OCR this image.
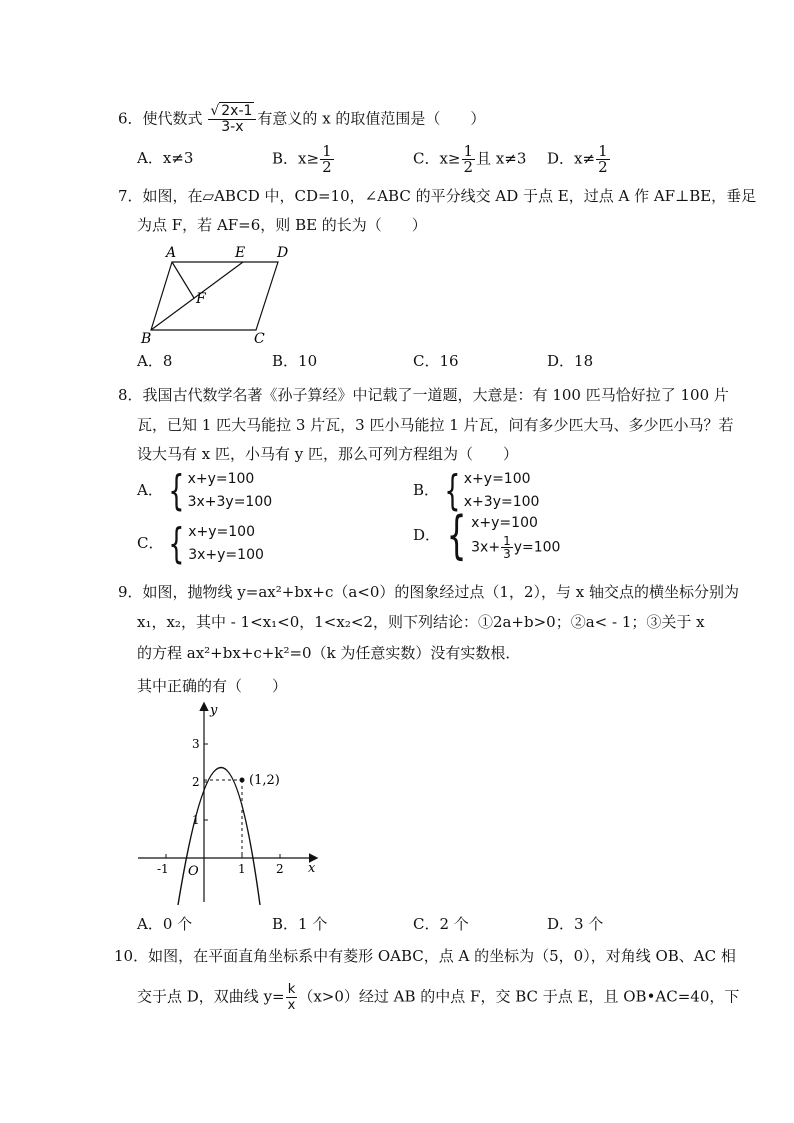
6．使代数式 $\frac{√ 2x-1}{3-x}$ 有意义的 x 的取值范围是（　　）
A．x≠3	B．$x\ge \frac{1}{2}$	C．$x\ge \frac{1}{2}$ 且 x≠3 D．$x\ne \frac{1}{2}$
7．如图，在▱ABCD 中，CD=10，∠ABC 的平分线交 AD 于点 E，过点 A 作 AF⊥BE，垂足
为点 F，若 AF=6，则 BE 的长为（　　）
A	E D
F
B	C
A．8	B．10	C．16	D．18
8．我国古代数学名著《孙子算经》中记载了一道题，大意是：有 100 匹马恰好拉了 100 片
瓦，已知 1 匹大马能拉 3 片瓦，3 匹小马能拉 1 片瓦，问有多少匹大马、多少匹小马？若
设大马有 x 匹，小马有 y 匹，那么可列方程组为（　　）
A． { x+y=100
3x+3y=100
B． { x+y=100
x+3y=100
C． { x+y=100
3x+y=100
D． { x+y=100
$3x+ \frac{1}{3} y=100$
9．如图，抛物线 y=ax²+bx+c（a<0）的图象经过点（1，2），与 x 轴交点的横坐标分别为
x₁，x₂，其中 - 1<x₁<0，1<x₂<2，则下列结论：①2a+b>0；②a< - 1；③关于 x
的方程 ax²+bx+c+k²=0（k 为任意实数）没有实数根．
其中正确的有（　　）
y
x
O
-1	1	2
1
2
3
(1,2)
A．0 个	B．1 个	C．2 个	D．3 个
10．如图，在平面直角坐标系中有菱形 OABC，点 A 的坐标为（5，0），对角线 OB、AC 相
交于点 D，双曲线 $y= \frac{k}{x} (x>0)$经过 AB 的中点 F，交 BC 于点 E，且 OB•AC=40，下
